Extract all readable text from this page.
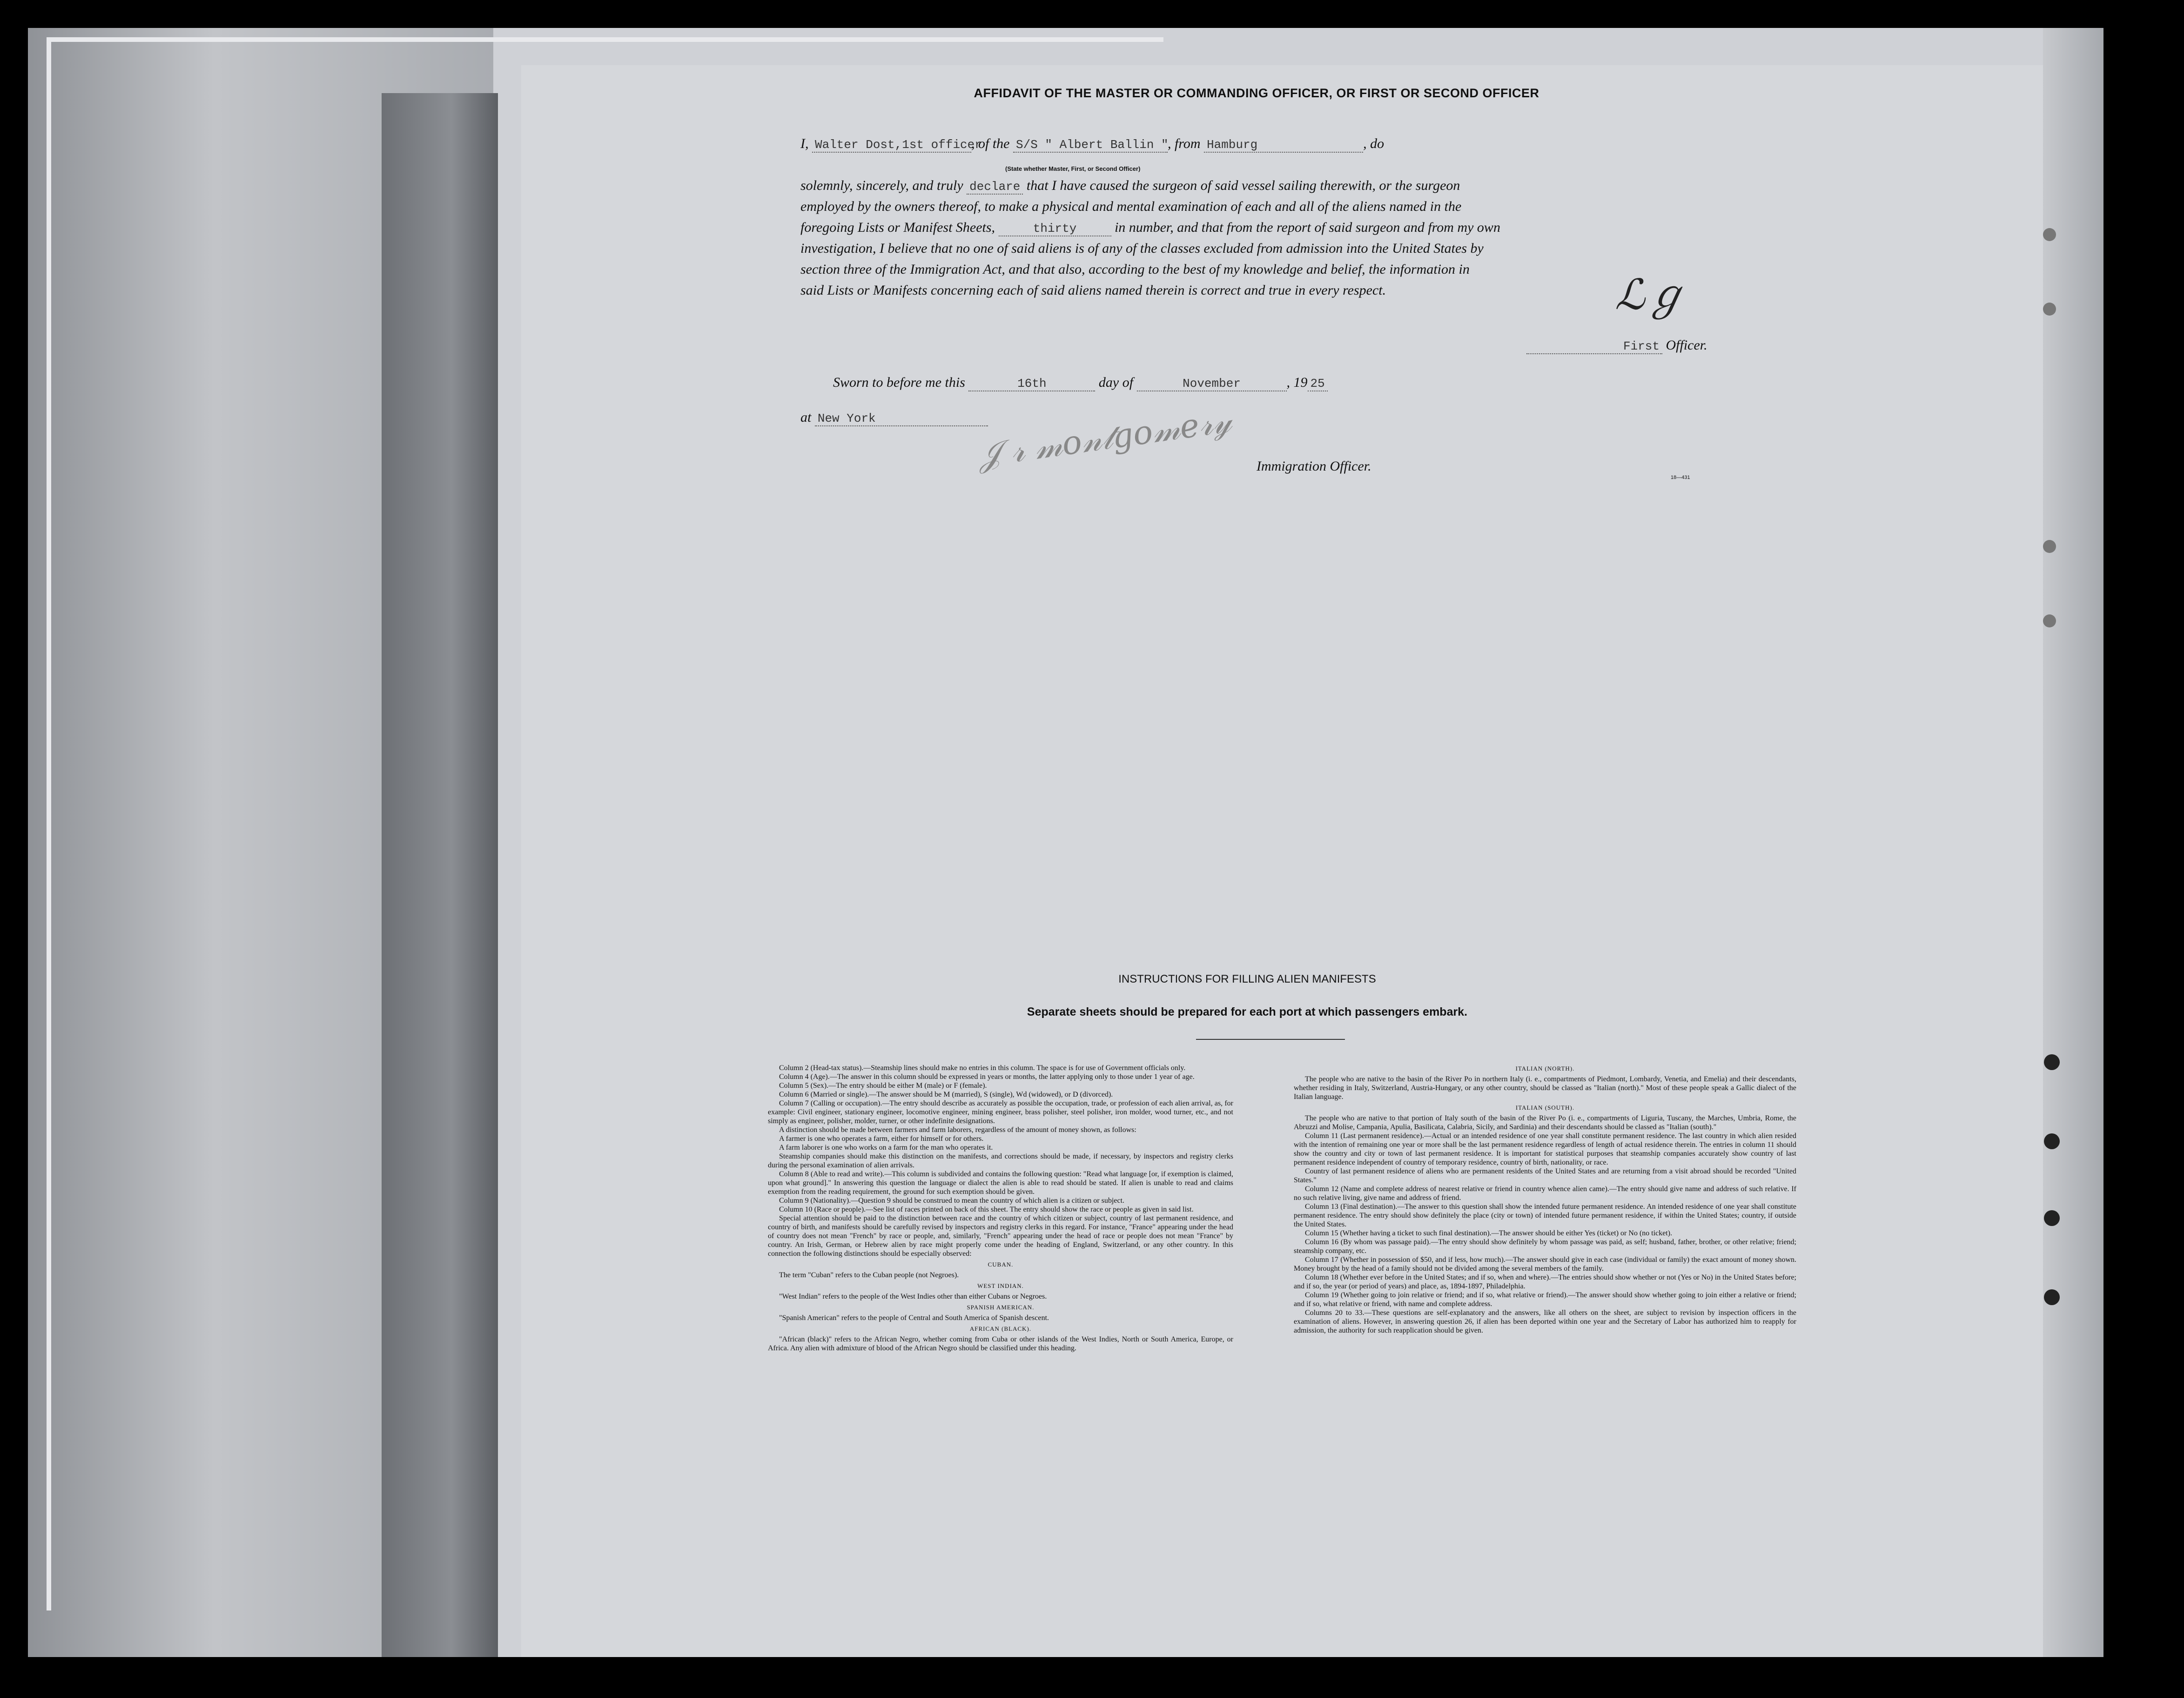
AFFIDAVIT OF THE MASTER OR COMMANDING OFFICER, OR FIRST OR SECOND OFFICER
I, Walter Dost,1st officer, of the S/S " Albert Ballin ", from Hamburg	, do
(State whether Master, First, or Second Officer)
solemnly, sincerely, and truly declare that I have caused the surgeon of said vessel sailing therewith, or the surgeon
employed by the owners thereof, to make a physical and mental examination of each and all of the aliens named in the
foregoing Lists or Manifest Sheets,	thirty	in number, and that from the report of said surgeon and from my own
investigation, I believe that no one of said aliens is of any of the classes excluded from admission into the United States by
section three of the Immigration Act, and that also, according to the best of my knowledge and belief, the information in
said Lists or Manifests concerning each of said aliens named therein is correct and true in every respect.	ℒℊ
First Officer.
Sworn to before me this	16th	day of	November	, 19 25
at New York	𝒥 𝓇 𝓂𝑜𝓃𝓉𝑔𝑜𝓂𝑒𝓇𝓎 Immigration Officer.
18—431
INSTRUCTIONS FOR FILLING ALIEN MANIFESTS
Separate sheets should be prepared for each port at which passengers embark.

Column 2 (Head-tax status).—Steamship lines should make no entries in this column. The space is for use of Government officials only.

Column 4 (Age).—The answer in this column should be expressed in years or months, the latter applying only to those under 1 year of age.

Column 5 (Sex).—The entry should be either M (male) or F (female).

Column 6 (Married or single).—The answer should be M (married), S (single), Wd (widowed), or D (divorced).

Column 7 (Calling or occupation).—The entry should describe as accurately as possible the occupation, trade, or profession of each alien arrival, as, for example: Civil engineer, stationary engineer, locomotive engineer, mining engineer, brass polisher, steel polisher, iron molder, wood turner, etc., and not simply as engineer, polisher, molder, turner, or other indefinite designations.

A distinction should be made between farmers and farm laborers, regardless of the amount of money shown, as follows:

A farmer is one who operates a farm, either for himself or for others.

A farm laborer is one who works on a farm for the man who operates it.

Steamship companies should make this distinction on the manifests, and corrections should be made, if necessary, by inspectors and registry clerks during the personal examination of alien arrivals.

Column 8 (Able to read and write).—This column is subdivided and contains the following question: "Read what language [or, if exemption is claimed, upon what ground]." In answering this question the language or dialect the alien is able to read should be stated. If alien is unable to read and claims exemption from the reading requirement, the ground for such exemption should be given.

Column 9 (Nationality).—Question 9 should be construed to mean the country of which alien is a citizen or subject.

Column 10 (Race or people).—See list of races printed on back of this sheet. The entry should show the race or people as given in said list.

Special attention should be paid to the distinction between race and the country of which citizen or subject, country of last permanent residence, and country of birth, and manifests should be carefully revised by inspectors and registry clerks in this regard. For instance, "France" appearing under the head of country does not mean "French" by race or people, and, similarly, "French" appearing under the head of race or people does not mean "France" by country. An Irish, German, or Hebrew alien by race might properly come under the heading of England, Switzerland, or any other country. In this connection the following distinctions should be especially observed:

CUBAN.

The term "Cuban" refers to the Cuban people (not Negroes).

WEST INDIAN.

"West Indian" refers to the people of the West Indies other than either Cubans or Negroes.

SPANISH AMERICAN.

"Spanish American" refers to the people of Central and South America of Spanish descent.

AFRICAN (BLACK).

"African (black)" refers to the African Negro, whether coming from Cuba or other islands of the West Indies, North or South America, Europe, or Africa. Any alien with admixture of blood of the African Negro should be classified under this heading.

ITALIAN (NORTH).

The people who are native to the basin of the River Po in northern Italy (i. e., compartments of Piedmont, Lombardy, Venetia, and Emelia) and their descendants, whether residing in Italy, Switzerland, Austria-Hungary, or any other country, should be classed as "Italian (north)." Most of these people speak a Gallic dialect of the Italian language.

ITALIAN (SOUTH).

The people who are native to that portion of Italy south of the basin of the River Po (i. e., compartments of Liguria, Tuscany, the Marches, Umbria, Rome, the Abruzzi and Molise, Campania, Apulia, Basilicata, Calabria, Sicily, and Sardinia) and their descendants should be classed as "Italian (south)."

Column 11 (Last permanent residence).—Actual or an intended residence of one year shall constitute permanent residence. The last country in which alien resided with the intention of remaining one year or more shall be the last permanent residence regardless of length of actual residence therein. The entries in column 11 should show the country and city or town of last permanent residence. It is important for statistical purposes that steamship companies accurately show country of last permanent residence independent of country of temporary residence, country of birth, nationality, or race.

Country of last permanent residence of aliens who are permanent residents of the United States and are returning from a visit abroad should be recorded "United States."

Column 12 (Name and complete address of nearest relative or friend in country whence alien came).—The entry should give name and address of such relative. If no such relative living, give name and address of friend.

Column 13 (Final destination).—The answer to this question shall show the intended future permanent residence. An intended residence of one year shall constitute permanent residence. The entry should show definitely the place (city or town) of intended future permanent residence, if within the United States; country, if outside the United States.

Column 15 (Whether having a ticket to such final destination).—The answer should be either Yes (ticket) or No (no ticket).

Column 16 (By whom was passage paid).—The entry should show definitely by whom passage was paid, as self; husband, father, brother, or other relative; friend; steamship company, etc.

Column 17 (Whether in possession of $50, and if less, how much).—The answer should give in each case (individual or family) the exact amount of money shown. Money brought by the head of a family should not be divided among the several members of the family.

Column 18 (Whether ever before in the United States; and if so, when and where).—The entries should show whether or not (Yes or No) in the United States before; and if so, the year (or period of years) and place, as, 1894-1897, Philadelphia.

Column 19 (Whether going to join relative or friend; and if so, what relative or friend).—The answer should show whether going to join either a relative or friend; and if so, what relative or friend, with name and complete address.

Columns 20 to 33.—These questions are self-explanatory and the answers, like all others on the sheet, are subject to revision by inspection officers in the examination of aliens. However, in answering question 26, if alien has been deported within one year and the Secretary of Labor has authorized him to reapply for admission, the authority for such reapplication should be given.
